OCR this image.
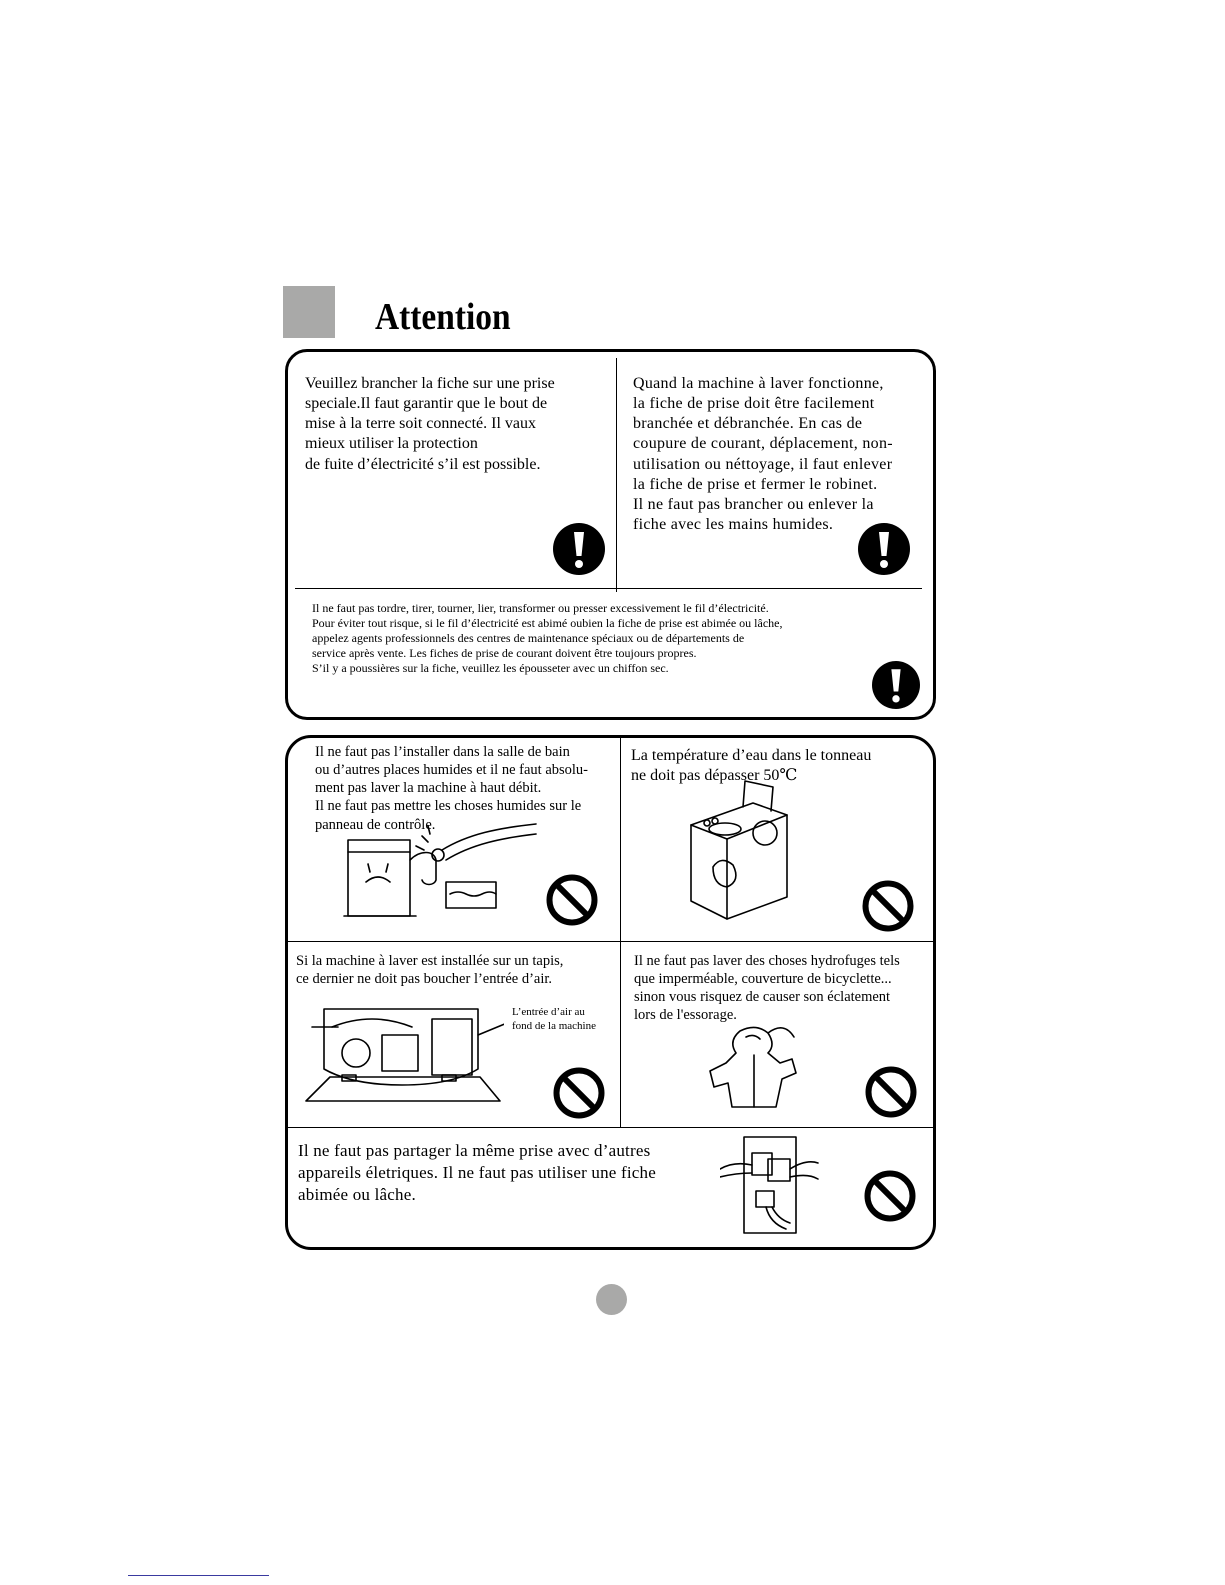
Attention
Veuillez brancher la fiche sur une prise
speciale.Il faut garantir que le bout de
mise à la terre soit connecté. Il vaux
mieux utiliser la protection
de fuite d’électricité s’il est possible.
Quand la machine à laver fonctionne,
la fiche de prise doit être facilement
branchée et débranchée. En cas de
coupure de courant, déplacement, non-
utilisation ou néttoyage, il faut enlever
la fiche de prise et fermer le robinet.
Il ne faut pas brancher ou enlever la
fiche avec les mains humides.
Il ne faut pas tordre, tirer, tourner, lier, transformer ou presser excessivement le fil d’électricité.
Pour éviter tout risque, si le fil d’électricité est abimé oubien la fiche de prise est abimée ou lâche,
appelez agents professionnels des centres de maintenance spéciaux ou de départements de
service après vente. Les fiches de prise de courant doivent être toujours propres.
S’il y a poussières sur la fiche, veuillez les épousseter avec un chiffon sec.
Il ne faut pas l’installer dans la salle de bain
ou d’autres places humides et il ne faut absolu-
ment pas laver la machine à haut débit.
Il ne faut pas mettre les choses humides sur le
panneau de contrôle.
La température d’eau dans le tonneau
ne doit pas dépasser 50℃
Si la machine à laver est installée sur un tapis,
ce dernier ne doit pas boucher l’entrée d’air.
L’entrée d’air au
fond de la machine
Il ne faut pas laver des choses hydrofuges tels
que imperméable, couverture de bicyclette...
sinon vous risquez de causer son éclatement
lors de l'essorage.
Il ne faut pas partager la même prise avec d’autres
appareils életriques. Il ne faut pas utiliser une fiche
abimée ou lâche.
